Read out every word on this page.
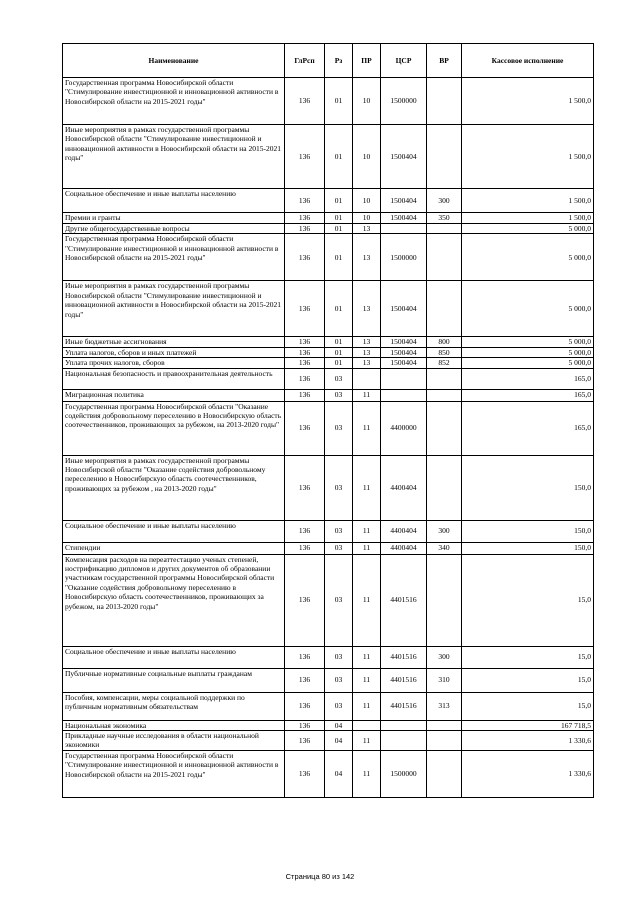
Наименование	ГлРсп	Рз	ПР	ЦСР	ВР	Кассовое исполнение
Государственная программа Новосибирской области "Стимулирование инвестиционной и инновационной активности в Новосибирской области на 2015-2021 годы"	136	01	10	1500000		1 500,0
Иные мероприятия в рамках государственной программы Новосибирской области "Стимулирование инвестиционной и инновационной активности в Новосибирской области на 2015-2021 годы"	136	01	10	1500404		1 500,0
Социальное обеспечение и иные выплаты населению	136	01	10	1500404	300	1 500,0
Премии и гранты	136	01	10	1500404	350	1 500,0
Другие общегосударственные вопросы	136	01	13			5 000,0
Государственная программа Новосибирской области "Стимулирование инвестиционной и инновационной активности в Новосибирской области на 2015-2021 годы"	136	01	13	1500000		5 000,0
Иные мероприятия в рамках государственной программы Новосибирской области "Стимулирование инвестиционной и инновационной активности в Новосибирской области на 2015-2021 годы"	136	01	13	1500404		5 000,0
Иные бюджетные ассигнования	136	01	13	1500404	800	5 000,0
Уплата налогов, сборов и иных платежей	136	01	13	1500404	850	5 000,0
Уплата прочих налогов, сборов	136	01	13	1500404	852	5 000,0
Национальная безопасность и правоохранительная деятельность	136	03				165,0
Миграционная политика	136	03	11			165,0
Государственная программа Новосибирской области "Оказание содействия добровольному переселению в Новосибирскую область соотечественников, проживающих за рубежом, на 2013-2020 годы"	136	03	11	4400000		165,0
Иные мероприятия в рамках государственной программы Новосибирской области "Оказание содействия добровольному переселению в Новосибирскую область соотечественников, проживающих за рубежом , на 2013-2020 годы"	136	03	11	4400404		150,0
Социальное обеспечение и иные выплаты населению	136	03	11	4400404	300	150,0
Стипендии	136	03	11	4400404	340	150,0
Компенсация расходов на переаттестацию ученых степеней, нострификацию дипломов и других документов об образовании участникам государственной программы Новосибирской области "Оказание содействия добровольному переселению в Новосибирскую область соотечественников, проживающих за рубежом, на 2013-2020 годы"	136	03	11	4401516		15,0
Социальное обеспечение и иные выплаты населению	136	03	11	4401516	300	15,0
Публичные нормативные социальные выплаты гражданам	136	03	11	4401516	310	15,0
Пособия, компенсации, меры социальной поддержки по публичным нормативным обязательствам	136	03	11	4401516	313	15,0
Национальная экономика	136	04				167 718,5
Прикладные научные исследования в области национальной экономики	136	04	11			1 330,6
Государственная программа Новосибирской области "Стимулирование инвестиционной и инновационной активности в Новосибирской области на 2015-2021 годы"	136	04	11	1500000		1 330,6
Страница 80 из 142
